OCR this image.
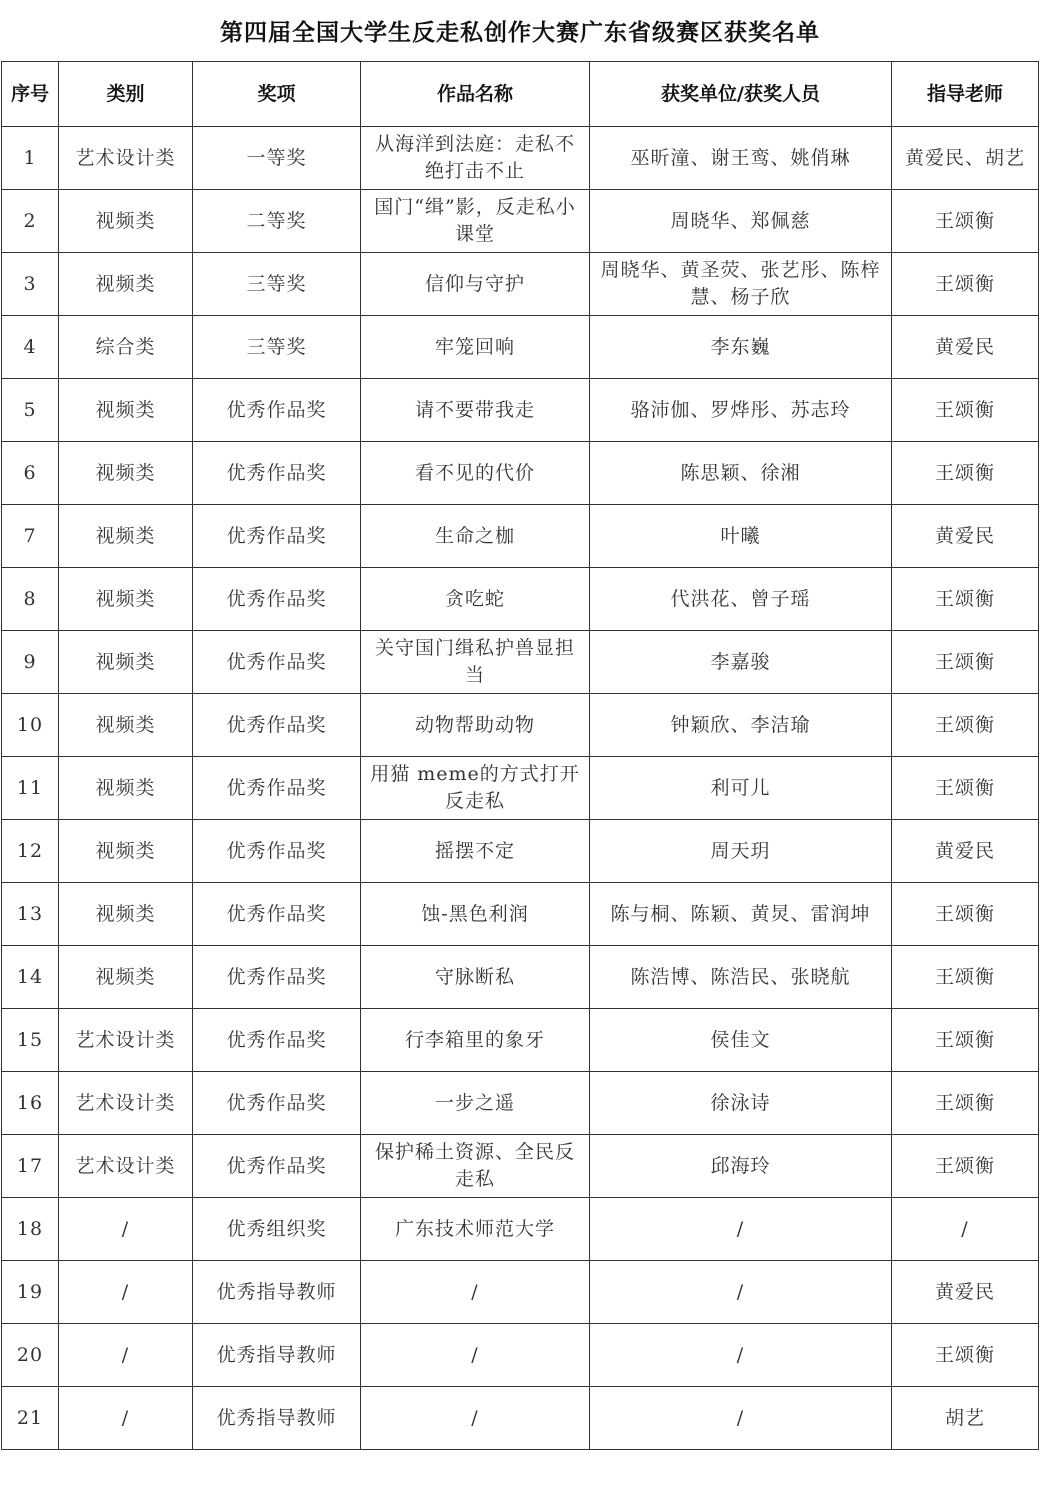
第四届全国大学生反走私创作大赛广东省级赛区获奖名单
序号	类别	奖项	作品名称	获奖单位/获奖人员	指导老师
1	艺术设计类	一等奖	从海洋到法庭：走私不绝打击不止	巫昕潼、谢王鸾、姚俏琳	黄爱民、胡艺
2	视频类	二等奖	国门“缉”影，反走私小课堂	周晓华、郑佩慈	王颂衡
3	视频类	三等奖	信仰与守护	周晓华、黄圣荧、张艺彤、陈梓慧、杨子欣	王颂衡
4	综合类	三等奖	牢笼回响	李东巍	黄爱民
5	视频类	优秀作品奖	请不要带我走	骆沛伽、罗烨彤、苏志玲	王颂衡
6	视频类	优秀作品奖	看不见的代价	陈思颖、徐湘	王颂衡
7	视频类	优秀作品奖	生命之枷	叶曦	黄爱民
8	视频类	优秀作品奖	贪吃蛇	代洪花、曾子瑶	王颂衡
9	视频类	优秀作品奖	关守国门缉私护兽显担当	李嘉骏	王颂衡
10	视频类	优秀作品奖	动物帮助动物	钟颖欣、李洁瑜	王颂衡
11	视频类	优秀作品奖	用猫 meme的方式打开反走私	利可儿	王颂衡
12	视频类	优秀作品奖	摇摆不定	周天玥	黄爱民
13	视频类	优秀作品奖	蚀-黑色利润	陈与桐、陈颖、黄炅、雷润坤	王颂衡
14	视频类	优秀作品奖	守脉断私	陈浩博、陈浩民、张晓航	王颂衡
15	艺术设计类	优秀作品奖	行李箱里的象牙	侯佳文	王颂衡
16	艺术设计类	优秀作品奖	一步之遥	徐泳诗	王颂衡
17	艺术设计类	优秀作品奖	保护稀土资源、全民反走私	邱海玲	王颂衡
18	/	优秀组织奖	广东技术师范大学	/	/
19	/	优秀指导教师	/	/	黄爱民
20	/	优秀指导教师	/	/	王颂衡
21	/	优秀指导教师	/	/	胡艺
